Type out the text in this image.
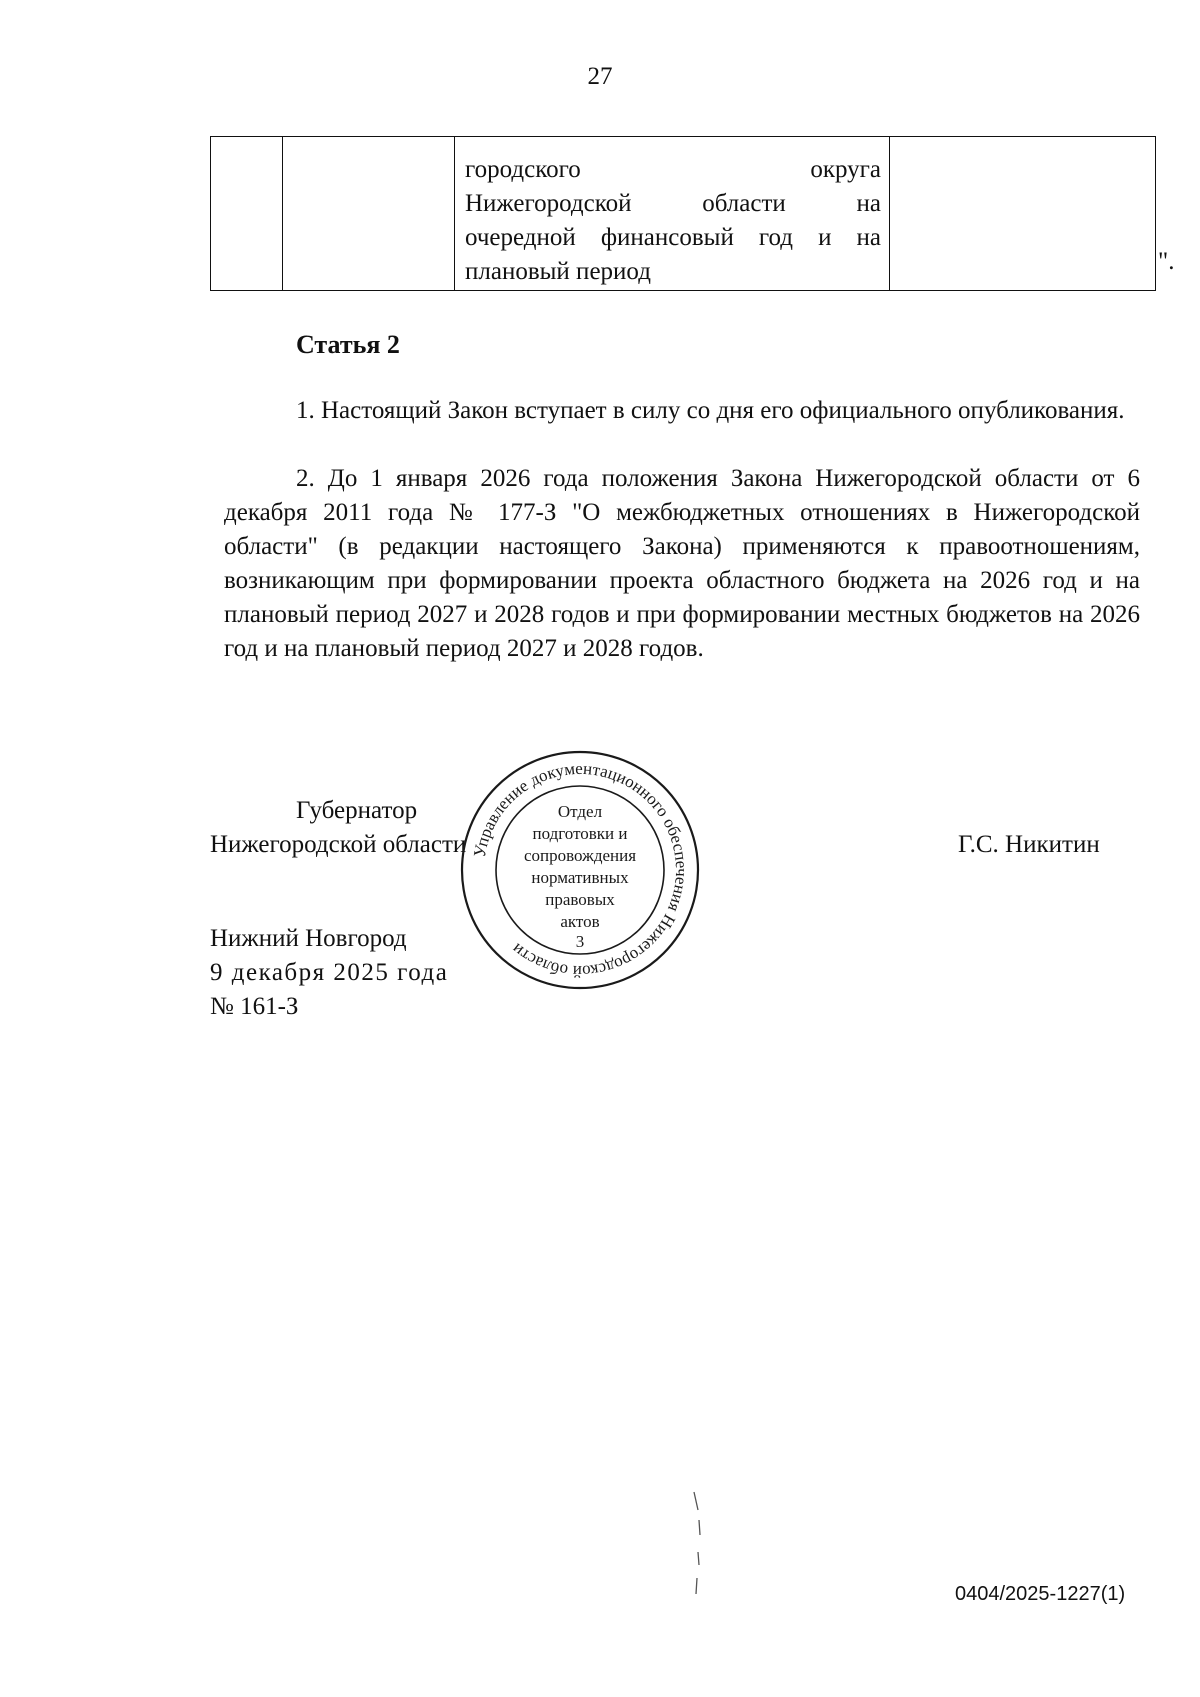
27

городского округа
Нижегородской области на
очередной финансовый год и на
плановый период
		".
Статья 2

1. Настоящий Закон вступает в силу со дня его официального опубликования.

2. До 1 января 2026 года положения Закона Нижегородской области от 6 декабря 2011 года № 177-З "О межбюджетных отношениях в Нижегородской области" (в редакции настоящего Закона) применяются к правоотношениям, возникающим при формировании проекта областного бюджета на 2026 год и на плановый период 2027 и 2028 годов и при формировании местных бюджетов на 2026 год и на плановый период 2027 и 2028 годов.

Губернатор
Нижегородской области	Г.С. Никитин
Нижний Новгород
9 декабря 2025 года
№ 161-З
Управление документационного обеспечения Нижегородской области
Отдел
подготовки и
сопровождения
нормативных
правовых
актов
3
0404/2025-1227(1)
